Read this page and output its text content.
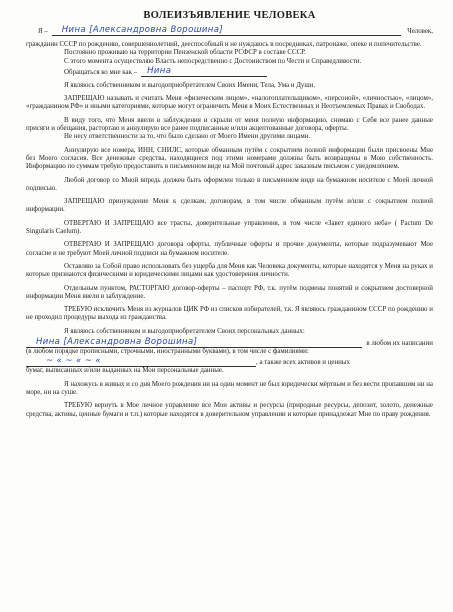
ВОЛЕИЗЪЯВЛЕНИЕ ЧЕЛОВЕКА

Я –	Нина [Александровна Ворошина]	Человек,

гражданин СССР по рождению, совершеннолетний, дееспособный и не нуждаюсь в посредниках, патронаже, опеке и попечительстве.

Постоянно проживаю на территории Пензенской области РСФСР в составе СССР.

С этого момента осуществляю Власть непосредственно с Достоинством по Чести и Справедливости.

Обращаться ко мне как –	Нина

Я являюсь собственником и выгодоприобретателем Своих Имени, Тела, Ума и Души.

ЗАПРЕЩАЮ называть и считать Меня «физическим лицом», «налогоплательщиком», «персоной», «личностью», «лицом», «гражданином РФ» и иными категориями, которые могут ограничить Меня в Моих Естественных и Неотъемлемых Правах и Свободах.

В виду того, что Меня ввели в заблуждения и скрыли от меня полную информацию, снимаю с Себя все ранее данные присяги и обещания, расторгаю и аннулирую все ранее подписанные и/или акцептованные договора, оферты.

Не несу ответственности за то, что было сделано от Моего Имени другими лицами.

Аннулирую все номера, ИНН, СНИЛС, которые обманным путём с сокрытием полной информации были присвоены Мне без Моего согласия. Все денежные средства, находящиеся под этими номерами должны быть возвращены в Мою собственность. Информацию по суммам требую предоставить в письменном виде на Мой почтовый адрес заказным письмом с уведомлением.

Любой договор со Мной впредь должен быть оформлен только в письменном виде на бумажном носителе с Моей личной подписью.

ЗАПРЕЩАЮ принуждение Меня к сделкам, договорам, в том числе обманным путём и/или с сокрытием полной информации.

ОТВЕРГАЮ И ЗАПРЕЩАЮ все трасты, доверительные управления, в том числе «Завет единого неба» ( Pactum De Singularis Caelum).

ОТВЕРГАЮ И ЗАПРЕЩАЮ договора оферты, публичные оферты и прочие документы, которые подразумевают Мое согласие и не требуют Моей личной подписи на бумажном носителе.

Оставляю за Собой право использовать без ущерба для Меня как Человека документы, которые находятся у Меня на руках и которые признаются физическими и юридическими лицами как удостоверения личности.

Отдельным пунктом, РАСТОРГАЮ договор-оферты – паспорт РФ, т.к. путём подмены понятий и сокрытием достоверной информации Меня ввели в заблуждение.

ТРЕБУЮ исключить Меня из журналов ЦИК РФ из списков избирателей, т.к. Я являюсь гражданином СССР по рождению и не проходил процедуры выхода из гражданства.

Я являюсь собственником и выгодоприобретателем Своих персональных данных:

Нина [Александровна Ворошина]	в любом их написании

(в любом порядке прописными, строчными, иностранными буквами), в том числе с фамилиями:

~ « ~ « ~ «	, а также всех активов и ценных

бумаг, выписанных и/или выданных на Мои персональные данные.

Я нахожусь в живых и со дня Моего рождения ни на один момент не был юридически мёртвым и без вести пропавшим ни на море, ни на суше.

ТРЕБУЮ вернуть в Мое личное управление все Мои активы и ресурсы (природные ресурсы, депозит, золото, денежные средства, активы, ценные бумаги и т.п.) которые находятся в доверительном управлении и которые принадлежат Мне по праву рождения.
